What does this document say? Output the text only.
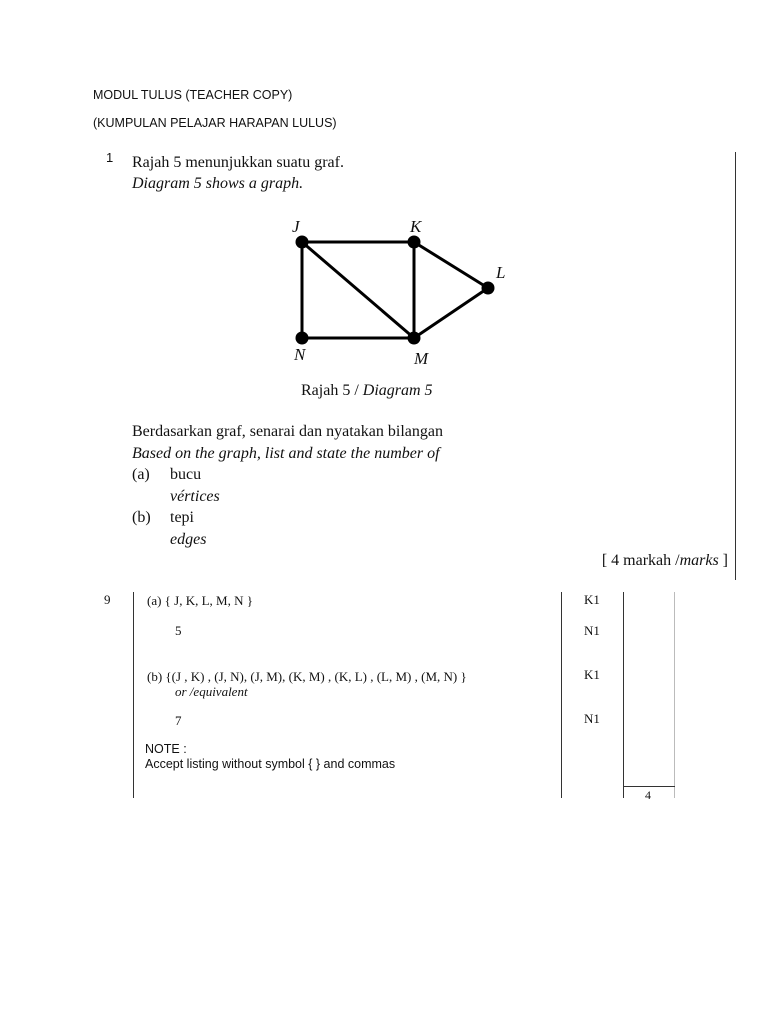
MODUL TULUS (TEACHER COPY)
(KUMPULAN PELAJAR HARAPAN LULUS)
1 Rajah 5 menunjukkan suatu graf.
Diagram 5 shows a graph.
J	K
L
M
N
Rajah 5 / Diagram 5
Berdasarkan graf, senarai dan nyatakan bilangan
Based on the graph, list and state the number of
(a) bucu
vértices
(b) tepi
edges
[ 4 markah /marks ]
9	(a) { J, K, L, M, N }
5
(b) {(J , K) , (J, N), (J, M), (K, M) , (K, L) , (L, M) , (M, N) }
or /equivalent
7
NOTE :
Accept listing without symbol { } and commas
K1
N1
K1
N1
4
